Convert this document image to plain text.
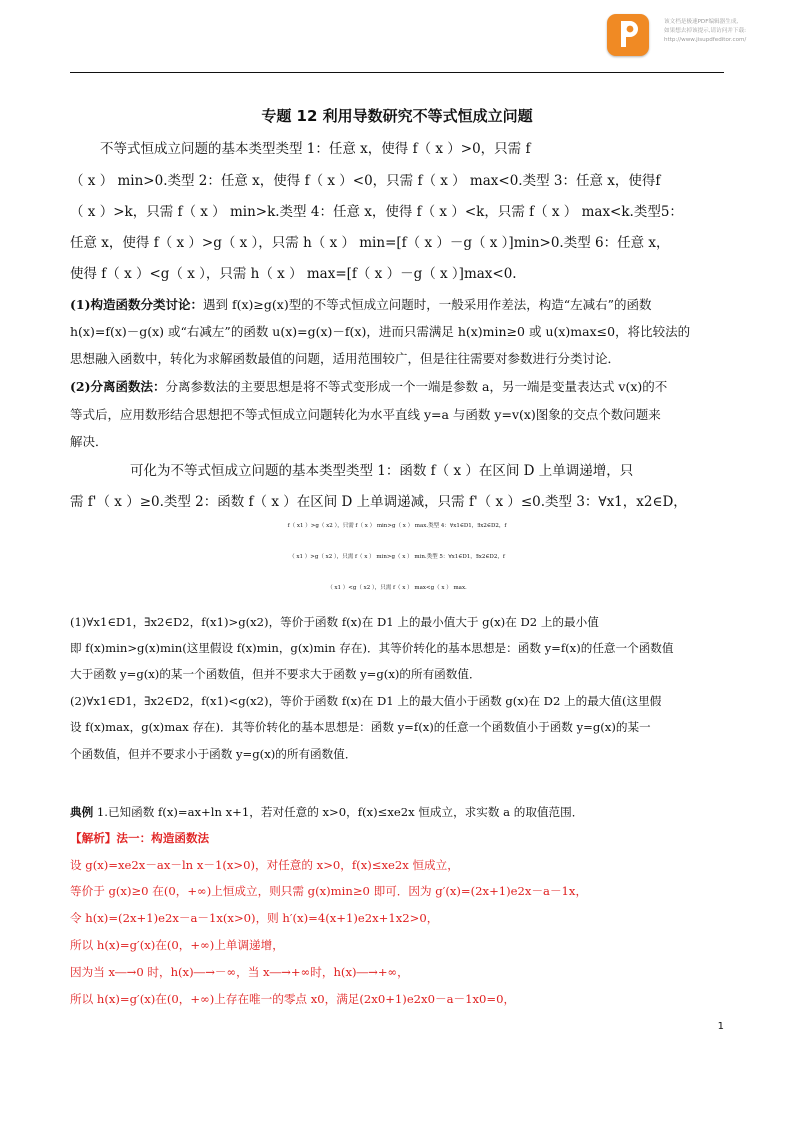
该文档是极速PDF编辑器生成,
如果想去掉该提示,请访问并下载:
http://www.jisupdfeditor.com/
专题 12 利用导数研究不等式恒成立问题
不等式恒成立问题的基本类型类型 1：任意 x，使得 f（ x ）>0，只需 f
（ x ） min>0.类型 2：任意 x，使得 f（ x ）<0，只需 f（ x ） max<0.类型 3：任意 x，使得f
（ x ）>k，只需 f（ x ） min>k.类型 4：任意 x，使得 f（ x ）<k，只需 f（ x ） max<k.类型5：
任意 x，使得 f（ x ）>g（ x ），只需 h（ x ） min=[f（ x ）－g（ x ）]min>0.类型 6：任意 x，
使得 f（ x ）<g（ x ），只需 h（ x ） max=[f（ x ）－g（ x ）]max<0.
(1)构造函数分类讨论：遇到 f(x)≥g(x)型的不等式恒成立问题时，一般采用作差法，构造“左减右”的函数
h(x)=f(x)－g(x) 或“右减左”的函数 u(x)=g(x)－f(x)，进而只需满足 h(x)min≥0 或 u(x)max≤0，将比较法的
思想融入函数中，转化为求解函数最值的问题，适用范围较广，但是往往需要对参数进行分类讨论．
(2)分离函数法：分离参数法的主要思想是将不等式变形成一个一端是参数 a，另一端是变量表达式 v(x)的不
等式后，应用数形结合思想把不等式恒成立问题转化为水平直线 y=a 与函数 y=v(x)图象的交点个数问题来
解决．
可化为不等式恒成立问题的基本类型类型 1：函数 f（ x ）在区间 D 上单调递增，只
需 f'（ x ）≥0.类型 2：函数 f（ x ）在区间 D 上单调递减，只需 f'（ x ）≤0.类型 3：∀x1，x2∈D，
f（ x1 ）>g（ x2 ），只需 f（ x ） min>g（ x ） max.类型 4：∀x1∈D1，∃x2∈D2，f
（ x1 ）>g（ x2 ），只需 f（ x ） min>g（ x ） min.类型 5：∀x1∈D1，∃x2∈D2，f
（ x1 ）<g（ x2 ），只需 f（ x ） max<g（ x ） max.
(1)∀x1∈D1，∃x2∈D2，f(x1)>g(x2)，等价于函数 f(x)在 D1 上的最小值大于 g(x)在 D2 上的最小值
即 f(x)min>g(x)min(这里假设 f(x)min，g(x)min 存在)．其等价转化的基本思想是：函数 y=f(x)的任意一个函数值
大于函数 y=g(x)的某一个函数值，但并不要求大于函数 y=g(x)的所有函数值．
(2)∀x1∈D1，∃x2∈D2，f(x1)<g(x2)，等价于函数 f(x)在 D1 上的最大值小于函数 g(x)在 D2 上的最大值(这里假
设 f(x)max，g(x)max 存在)．其等价转化的基本思想是：函数 y=f(x)的任意一个函数值小于函数 y=g(x)的某一
个函数值，但并不要求小于函数 y=g(x)的所有函数值．
典例 1.已知函数 f(x)=ax+ln x+1，若对任意的 x>0，f(x)≤xe2x 恒成立，求实数 a 的取值范围．
【解析】法一：构造函数法
设 g(x)=xe2x－ax－ln x－1(x>0)，对任意的 x>0，f(x)≤xe2x 恒成立，
等价于 g(x)≥0 在(0，+∞)上恒成立，则只需 g(x)min≥0 即可．因为 g′(x)=(2x+1)e2x－a－1x，
令 h(x)=(2x+1)e2x－a－1x(x>0)，则 h′(x)=4(x+1)e2x+1x2>0，
所以 h(x)=g′(x)在(0，+∞)上单调递增，
因为当 x―→0 时，h(x)―→－∞，当 x―→+∞时，h(x)―→+∞，
所以 h(x)=g′(x)在(0，+∞)上存在唯一的零点 x0，满足(2x0+1)e2x0－a－1x0=0，
1
